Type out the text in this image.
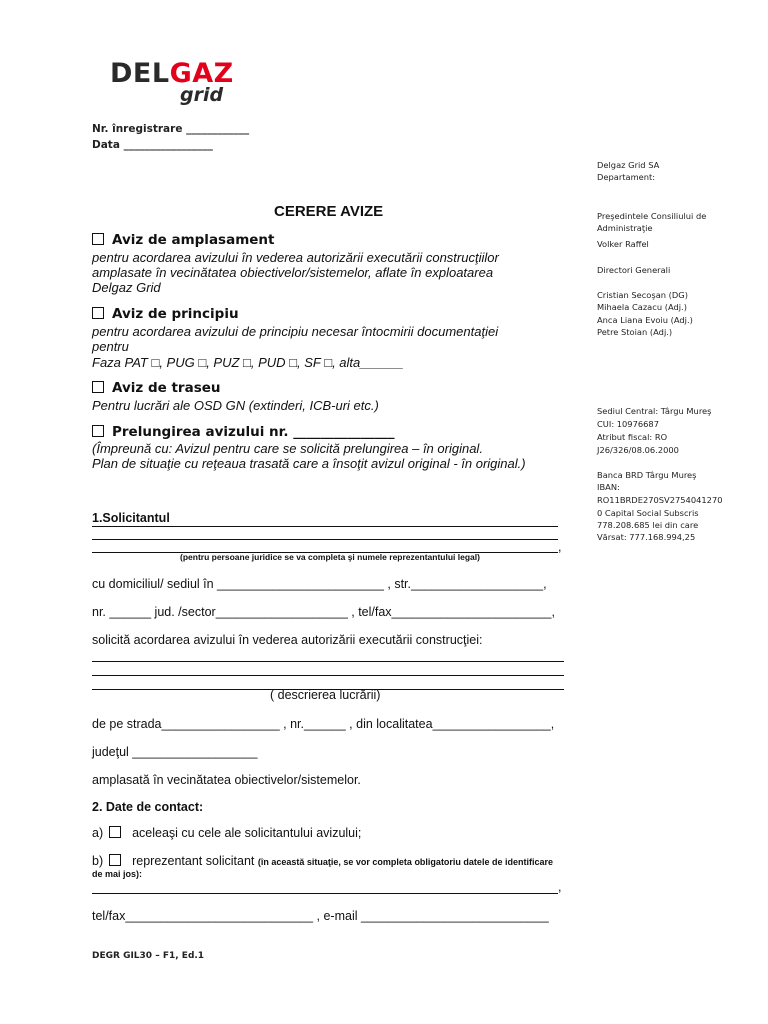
DELGAZ
grid
Nr. înregistrare ____________
Data _________________
Delgaz Grid SA
Departament:
Preşedintele Consiliului de Administraţie
Volker Raffel
Directori Generali
Cristian Secoşan (DG)
Mihaela Cazacu (Adj.)
Anca Liana Evoiu (Adj.)
Petre Stoian (Adj.)
Sediul Central: Târgu Mureş
CUI: 10976687
Atribut fiscal: RO
J26/326/08.06.2000
Banca BRD Târgu Mureş
IBAN:
RO11BRDE270SV2754041270
0 Capital Social Subscris
778.208.685 lei din care
Vărsat: 777.168.994,25
CERERE AVIZE
Aviz de amplasament
pentru acordarea avizului în vederea autorizării executării construcţiilor
amplasate în vecinătatea obiectivelor/sistemelor, aflate în exploatarea
Delgaz Grid
Aviz de principiu
pentru acordarea avizului de principiu necesar întocmirii documentaţiei
pentru
Faza PAT □, PUG □, PUZ □, PUD □, SF □, alta______
Aviz de traseu
Pentru lucrări ale OSD GN (extinderi, ICB-uri etc.)
Prelungirea avizului nr. _______________
(Împreună cu: Avizul pentru care se solicită prelungirea – în original.
Plan de situaţie cu reţeaua trasată care a însoţit avizul original - în original.)
1.Solicitantul
,
(pentru persoane juridice se va completa şi numele reprezentantului legal)
cu domiciliul/ sediul în ________________________ , str.___________________,
nr. ______ jud. /sector___________________ , tel/fax_______________________,
solicită acordarea avizului în vederea autorizării executării construcţiei:
( descrierea lucrării)
de pe strada_________________ , nr.______ , din localitatea_________________,
judeţul __________________
amplasată în vecinătatea obiectivelor/sistemelor.
2. Date de contact:
a) aceleaşi cu cele ale solicitantului avizului;
b) reprezentant solicitant (în această situaţie, se vor completa obligatoriu datele de identificare
de mai jos):
,
tel/fax___________________________ , e-mail ___________________________
DEGR GIL30 – F1, Ed.1
